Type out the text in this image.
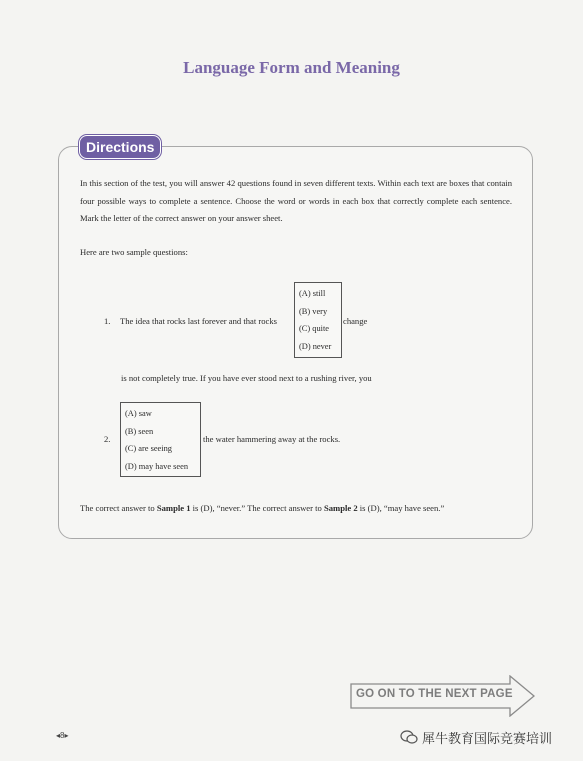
Language Form and Meaning
Directions

In this section of the test, you will answer 42 questions found in seven different texts. Within each text are boxes that contain four possible ways to complete a sentence. Choose the word or words in each box that correctly complete each sentence. Mark the letter of the correct answer on your answer sheet.

Here are two sample questions:

1. The idea that rocks last forever and that rocks
(A) still
(B) very
(C) quite
(D) never
change
is not completely true. If you have ever stood next to a rushing river, you
2.
(A) saw
(B) seen
(C) are seeing
(D) may have seen
the water hammering away at the rocks.

The correct answer to Sample 1 is (D), “never.” The correct answer to Sample 2 is (D), “may have seen.”

GO ON TO THE NEXT PAGE
◂8▸	犀牛教育国际竞赛培训
